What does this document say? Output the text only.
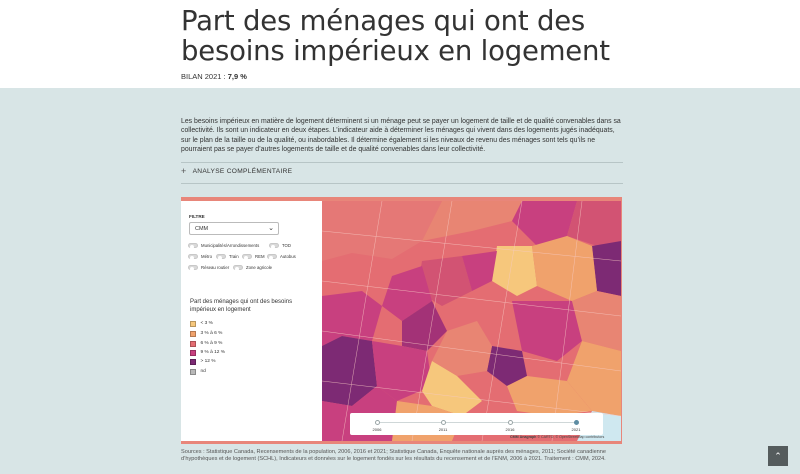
Part des ménages qui ont des besoins impérieux en logement
BILAN 2021 : 7,9 %

Les besoins impérieux en matière de logement déterminent si un ménage peut se payer un logement de taille et de qualité convenables dans sa collectivité. Ils sont un indicateur en deux étapes. L’indicateur aide à déterminer les ménages qui vivent dans des logements jugés inadéquats, sur le plan de la taille ou de la qualité, ou inabordables. Il détermine également si les niveaux de revenu des ménages sont tels qu’ils ne pourraient pas se payer d’autres logements de taille et de qualité convenables dans leur collectivité.

+ ANALYSE COMPLÉMENTAIRE
FILTRE
CMM	⌄
Municipalités/Arrondissements	TOD
Métro	Train	REM	Autobus
Réseau routier	Zone agricole
Part des ménages qui ont des besoins impérieux en logement
< 3 %
3 % à 6 %
6 % à 9 %
9 % à 12 %
> 12 %
nd
2006	2011	2016	2021
CMM Anagraph © CARTO, © OpenStreetMap contributors

Sources : Statistique Canada, Recensements de la population, 2006, 2016 et 2021; Statistique Canada, Enquête nationale auprès des ménages, 2011; Société canadienne d’hypothèques et de logement (SCHL), Indicateurs et données sur le logement fondés sur les résultats du recensement et de l’ENM, 2006 à 2021. Traitement : CMM, 2024.	⌃
